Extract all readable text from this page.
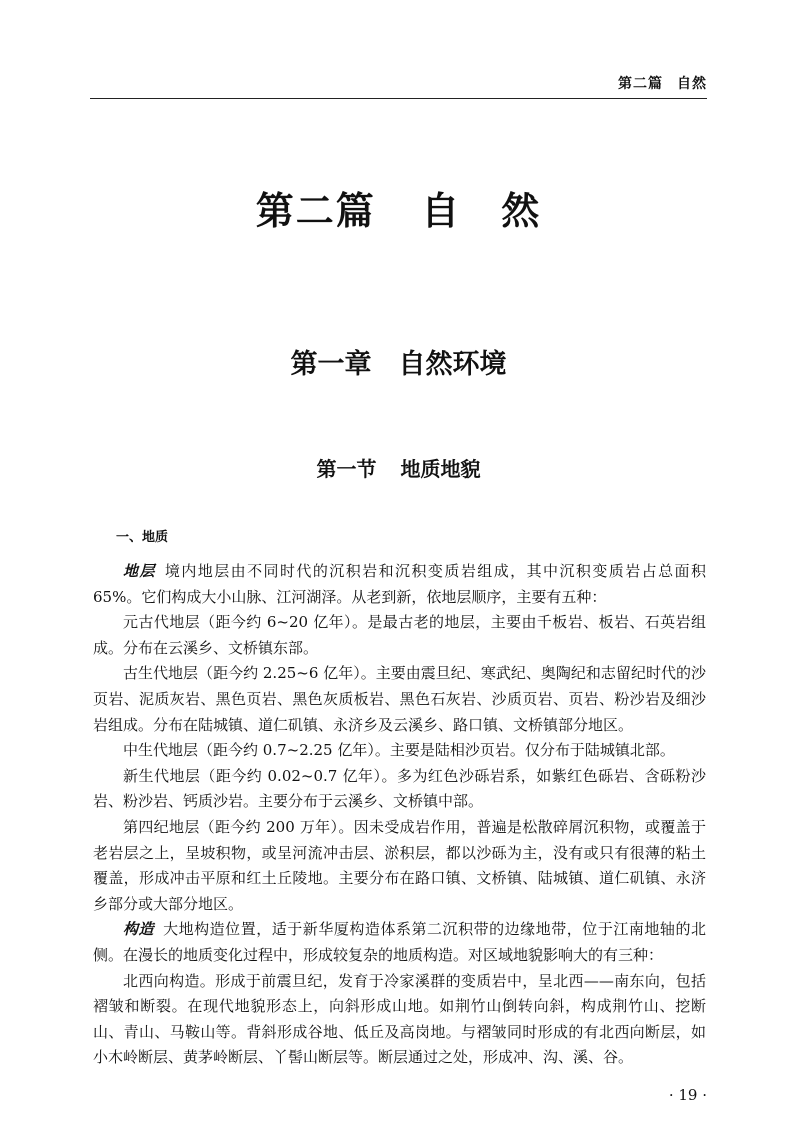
第二篇 自然
第二篇 自　然
第一章 自然环境
第一节 地质地貌
一、地质

地层 境内地层由不同时代的沉积岩和沉积变质岩组成，其中沉积变质岩占总面积 65%。它们构成大小山脉、江河湖泽。从老到新，依地层顺序，主要有五种：

元古代地层（距今约 6~20 亿年）。是最古老的地层，主要由千板岩、板岩、石英岩组成。分布在云溪乡、文桥镇东部。

古生代地层（距今约 2.25~6 亿年）。主要由震旦纪、寒武纪、奥陶纪和志留纪时代的沙页岩、泥质灰岩、黑色页岩、黑色灰质板岩、黑色石灰岩、沙质页岩、页岩、粉沙岩及细沙岩组成。分布在陆城镇、道仁矶镇、永济乡及云溪乡、路口镇、文桥镇部分地区。

中生代地层（距今约 0.7~2.25 亿年）。主要是陆相沙页岩。仅分布于陆城镇北部。

新生代地层（距今约 0.02~0.7 亿年）。多为红色沙砾岩系，如紫红色砾岩、含砾粉沙岩、粉沙岩、钙质沙岩。主要分布于云溪乡、文桥镇中部。

第四纪地层（距今约 200 万年）。因未受成岩作用，普遍是松散碎屑沉积物，或覆盖于老岩层之上，呈坡积物，或呈河流冲击层、淤积层，都以沙砾为主，没有或只有很薄的粘土覆盖，形成冲击平原和红土丘陵地。主要分布在路口镇、文桥镇、陆城镇、道仁矶镇、永济乡部分或大部分地区。

构造 大地构造位置，适于新华厦构造体系第二沉积带的边缘地带，位于江南地轴的北侧。在漫长的地质变化过程中，形成较复杂的地质构造。对区域地貌影响大的有三种：

北西向构造。形成于前震旦纪，发育于冷家溪群的变质岩中，呈北西——南东向，包括褶皱和断裂。在现代地貌形态上，向斜形成山地。如荆竹山倒转向斜，构成荆竹山、挖断山、青山、马鞍山等。背斜形成谷地、低丘及高岗地。与褶皱同时形成的有北西向断层，如小木岭断层、黄茅岭断层、丫髻山断层等。断层通过之处，形成冲、沟、溪、谷。

· 19 ·
